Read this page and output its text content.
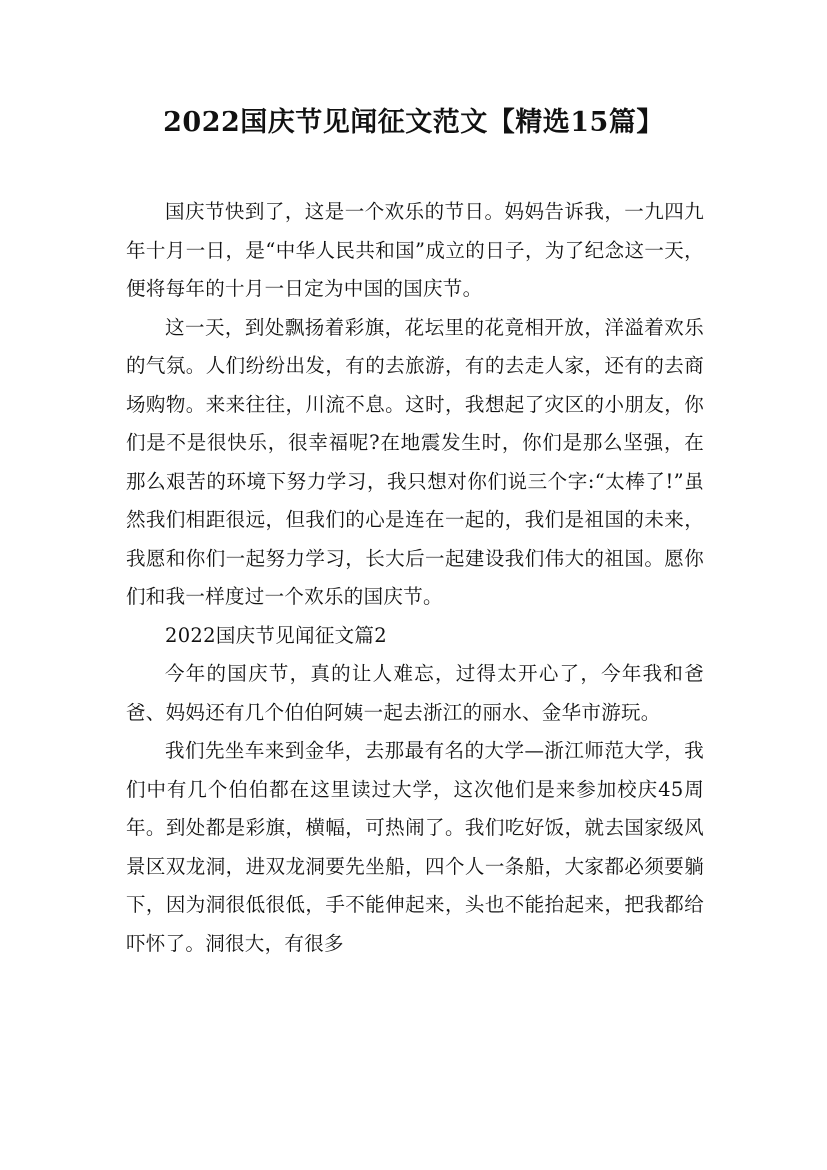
2022国庆节见闻征文范文【精选15篇】

国庆节快到了，这是一个欢乐的节日。妈妈告诉我，一九四九年十月一日，是“中华人民共和国”成立的日子，为了纪念这一天，便将每年的十月一日定为中国的国庆节。

这一天，到处飘扬着彩旗，花坛里的花竟相开放，洋溢着欢乐的气氛。人们纷纷出发，有的去旅游，有的去走人家，还有的去商场购物。来来往往，川流不息。这时，我想起了灾区的小朋友，你们是不是很快乐，很幸福呢?在地震发生时，你们是那么坚强，在那么艰苦的环境下努力学习，我只想对你们说三个字:“太棒了!”虽然我们相距很远，但我们的心是连在一起的，我们是祖国的未来，我愿和你们一起努力学习，长大后一起建设我们伟大的祖国。愿你们和我一样度过一个欢乐的国庆节。

2022国庆节见闻征文篇2

今年的国庆节，真的让人难忘，过得太开心了，今年我和爸爸、妈妈还有几个伯伯阿姨一起去浙江的丽水、金华市游玩。

我们先坐车来到金华，去那最有名的大学—浙江师范大学，我们中有几个伯伯都在这里读过大学，这次他们是来参加校庆45周年。到处都是彩旗，横幅，可热闹了。我们吃好饭，就去国家级风景区双龙洞，进双龙洞要先坐船，四个人一条船，大家都必须要躺下，因为洞很低很低，手不能伸起来，头也不能抬起来，把我都给吓怀了。洞很大，有很多
